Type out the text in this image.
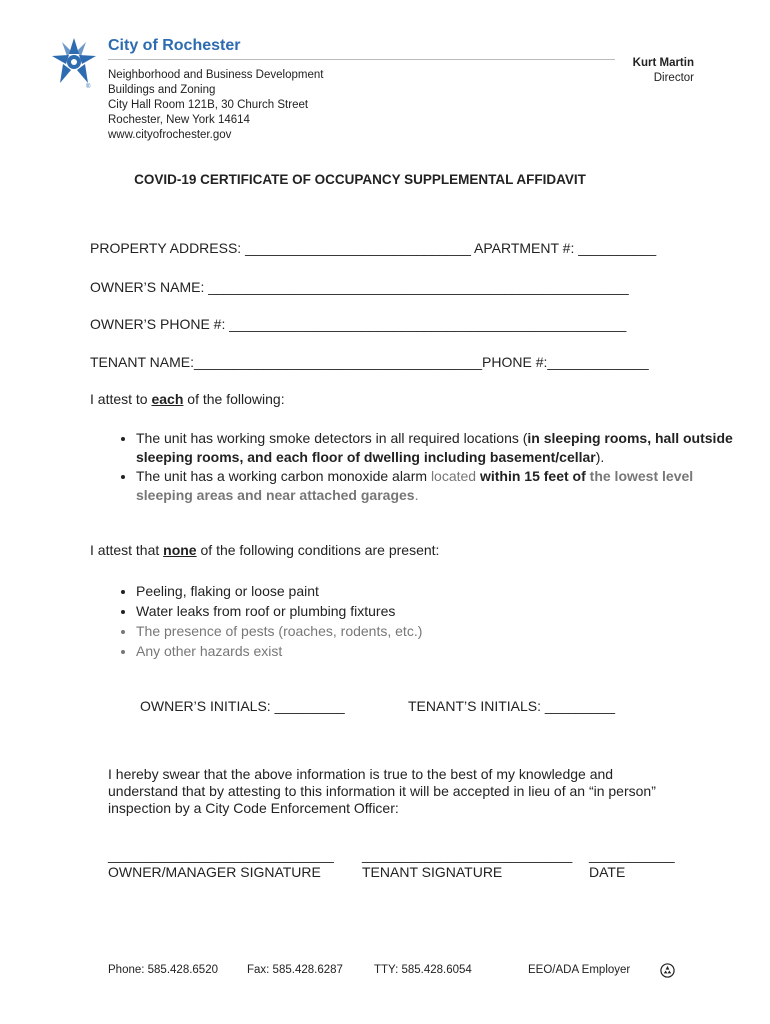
®
City of Rochester
Neighborhood and Business Development
Buildings and Zoning
City Hall Room 121B, 30 Church Street
Rochester, New York 14614
www.cityofrochester.gov
Kurt Martin
Director
COVID-19 CERTIFICATE OF OCCUPANCY SUPPLEMENTAL AFFIDAVIT
PROPERTY ADDRESS: _____________________________ APARTMENT #: __________
OWNER’S NAME: ______________________________________________________
OWNER’S PHONE #: ___________________________________________________
TENANT NAME:_____________________________________PHONE #:_____________
I attest to each of the following:
• The unit has working smoke detectors in all required locations (in sleeping rooms, hall outside sleeping rooms, and each floor of dwelling including basement/cellar).
• The unit has a working carbon monoxide alarm located within 15 feet of the lowest level sleeping areas and near attached garages.
I attest that none of the following conditions are present:
• Peeling, flaking or loose paint
• Water leaks from roof or plumbing fixtures
• The presence of pests (roaches, rodents, etc.)
• Any other hazards exist
OWNER’S INITIALS: _________	TENANT’S INITIALS: _________
I hereby swear that the above information is true to the best of my knowledge and understand that by attesting to this information it will be accepted in lieu of an “in person” inspection by a City Code Enforcement Officer:
_____________________________
OWNER/MANAGER SIGNATURE
___________________________
TENANT SIGNATURE
___________
DATE
Phone: 585.428.6520	Fax: 585.428.6287	TTY: 585.428.6054	EEO/ADA Employer
